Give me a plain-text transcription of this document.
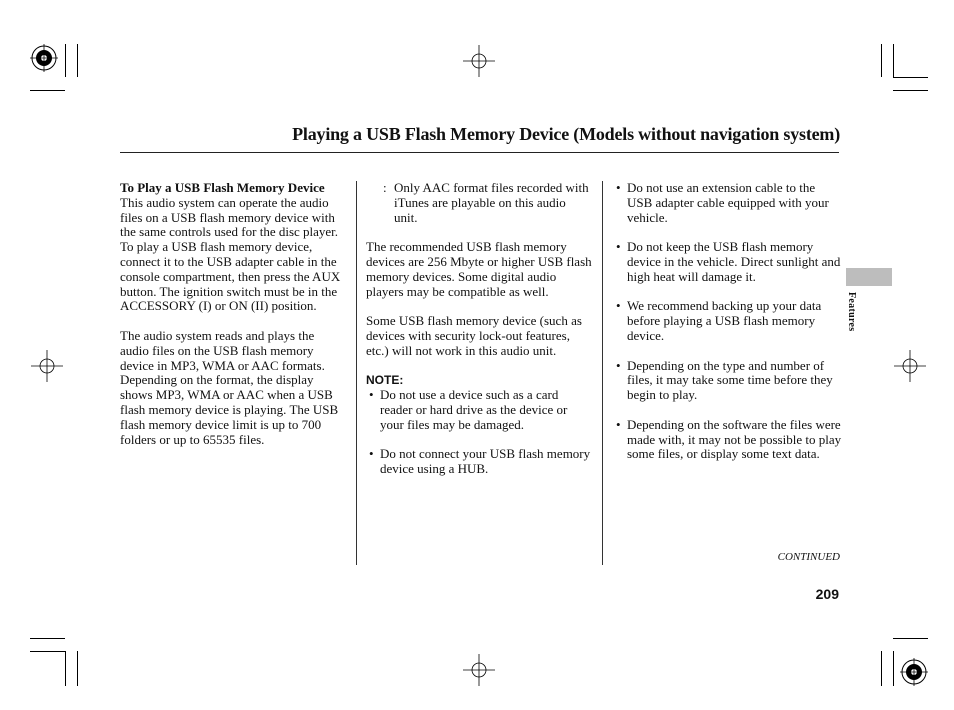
Playing a USB Flash Memory Device (Models without navigation system)
To Play a USB Flash Memory Device

This audio system can operate the audio files on a USB flash memory device with the same controls used for the disc player. To play a USB flash memory device, connect it to the USB adapter cable in the console compartment, then press the AUX button. The ignition switch must be in the ACCESSORY (I) or ON (II) position.

The audio system reads and plays the audio files on the USB flash memory device in MP3, WMA or AAC formats. Depending on the format, the display shows MP3, WMA or AAC when a USB flash memory device is playing. The USB flash memory device limit is up to 700 folders or up to 65535 files.

: Only AAC format files recorded with iTunes are playable on this audio unit.

The recommended USB flash memory devices are 256 Mbyte or higher USB flash memory devices. Some digital audio players may be compatible as well.

Some USB flash memory device (such as devices with security lock-out features, etc.) will not work in this audio unit.

NOTE:
• Do not use a device such as a card reader or hard drive as the device or your files may be damaged.
• Do not connect your USB flash memory device using a HUB.
• Do not use an extension cable to the USB adapter cable equipped with your vehicle.
• Do not keep the USB flash memory device in the vehicle. Direct sunlight and high heat will damage it.
• We recommend backing up your data before playing a USB flash memory device.
• Depending on the type and number of files, it may take some time before they begin to play.
• Depending on the software the files were made with, it may not be possible to play some files, or display some text data.
Features
CONTINUED
209
